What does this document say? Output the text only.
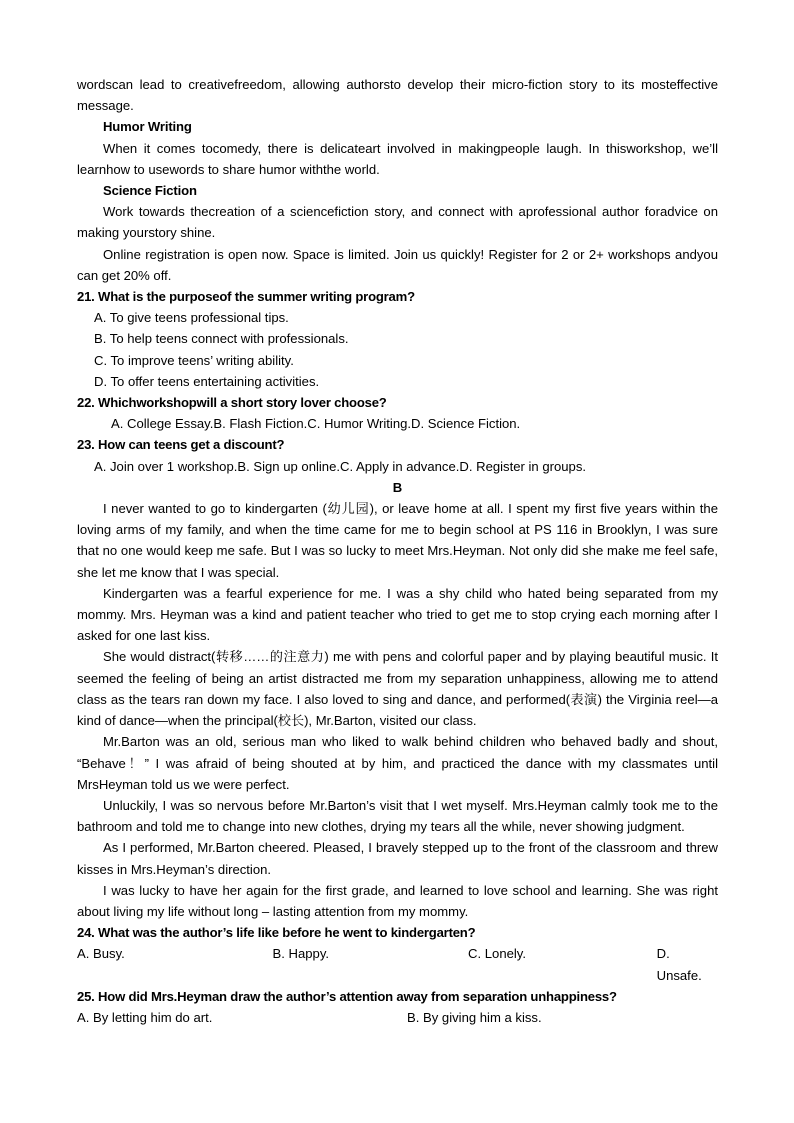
wordscan lead to creativefreedom, allowing authorsto develop their micro-fiction story to its mosteffective message.

Humor Writing

When it comes tocomedy, there is delicateart involved in makingpeople laugh. In thisworkshop, we’ll learnhow to usewords to share humor withthe world.

Science Fiction

Work towards thecreation of a sciencefiction story, and connect with aprofessional author foradvice on making yourstory shine.

Online registration is open now. Space is limited. Join us quickly! Register for 2 or 2+ workshops andyou can get 20% off.

21. What is the purposeof the summer writing program?

A. To give teens professional tips.

B. To help teens connect with professionals.

C. To improve teens’ writing ability.

D. To offer teens entertaining activities.

22. Whichworkshopwill a short story lover choose?

A. College Essay.B. Flash Fiction.C. Humor Writing.D. Science Fiction.

23. How can teens get a discount?

A. Join over 1 workshop.B. Sign up online.C. Apply in advance.D. Register in groups.

B

I never wanted to go to kindergarten (幼儿园), or leave home at all. I spent my first five years within the loving arms of my family, and when the time came for me to begin school at PS 116 in Brooklyn, I was sure that no one would keep me safe. But I was so lucky to meet Mrs.Heyman. Not only did she make me feel safe, she let me know that I was special.

Kindergarten was a fearful experience for me. I was a shy child who hated being separated from my mommy. Mrs. Heyman was a kind and patient teacher who tried to get me to stop crying each morning after I asked for one last kiss.

She would distract(转移……的注意力) me with pens and colorful paper and by playing beautiful music. It seemed the feeling of being an artist distracted me from my separation unhappiness, allowing me to attend class as the tears ran down my face. I also loved to sing and dance, and performed(表演) the Virginia reel—a kind of dance—when the principal(校长), Mr.Barton, visited our class.

Mr.Barton was an old, serious man who liked to walk behind children who behaved badly and shout, “Behave！” I was afraid of being shouted at by him, and practiced the dance with my classmates until MrsHeyman told us we were perfect.

Unluckily, I was so nervous before Mr.Barton’s visit that I wet myself. Mrs.Heyman calmly took me to the bathroom and told me to change into new clothes, drying my tears all the while, never showing judgment.

As I performed, Mr.Barton cheered. Pleased, I bravely stepped up to the front of the classroom and threw kisses in Mrs.Heyman’s direction.

I was lucky to have her again for the first grade, and learned to love school and learning. She was right about living my life without long – lasting attention from my mommy.

24. What was the author’s life like before he went to kindergarten?

A. Busy.	B. Happy.	C. Lonely.	D. Unsafe.

25. How did Mrs.Heyman draw the author’s attention away from separation unhappiness?

A. By letting him do art.	B. By giving him a kiss.
